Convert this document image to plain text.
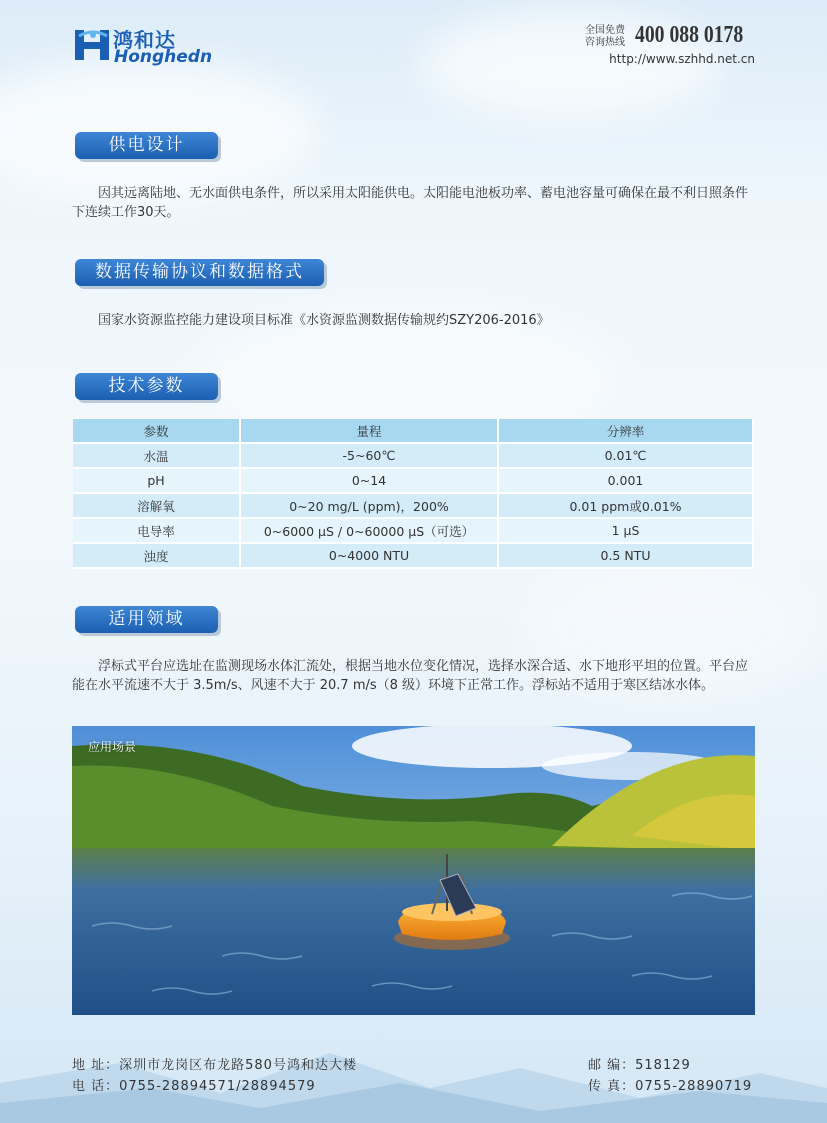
鸿和达
Honghedn
全国免费
咨询热线 400 088 0178
http://www.szhhd.net.cn
供电设计
因其远离陆地、无水面供电条件，所以采用太阳能供电。太阳能电池板功率、蓄电池容量可确保在最不利日照条件下连续工作30天。
数据传输协议和数据格式
国家水资源监控能力建设项目标准《水资源监测数据传输规约SZY206-2016》
技术参数
参数	量程	分辨率
水温	-5~60℃	0.01℃
pH	0~14	0.001
溶解氧	0~20 mg/L (ppm)，200%	0.01 ppm或0.01%
电导率	0~6000 μS / 0~60000 μS（可选）	1 μS
浊度	0~4000 NTU	0.5 NTU
适用领域
浮标式平台应选址在监测现场水体汇流处，根据当地水位变化情况，选择水深合适、水下地形平坦的位置。平台应能在水平流速不大于 3.5m/s、风速不大于 20.7 m/s（8 级）环境下正常工作。浮标站不适用于寒区结冰水体。
应用场景
地 址：深圳市龙岗区布龙路580号鸿和达大楼
电 话：0755-28894571/28894579
邮 编：518129
传 真：0755-28890719
